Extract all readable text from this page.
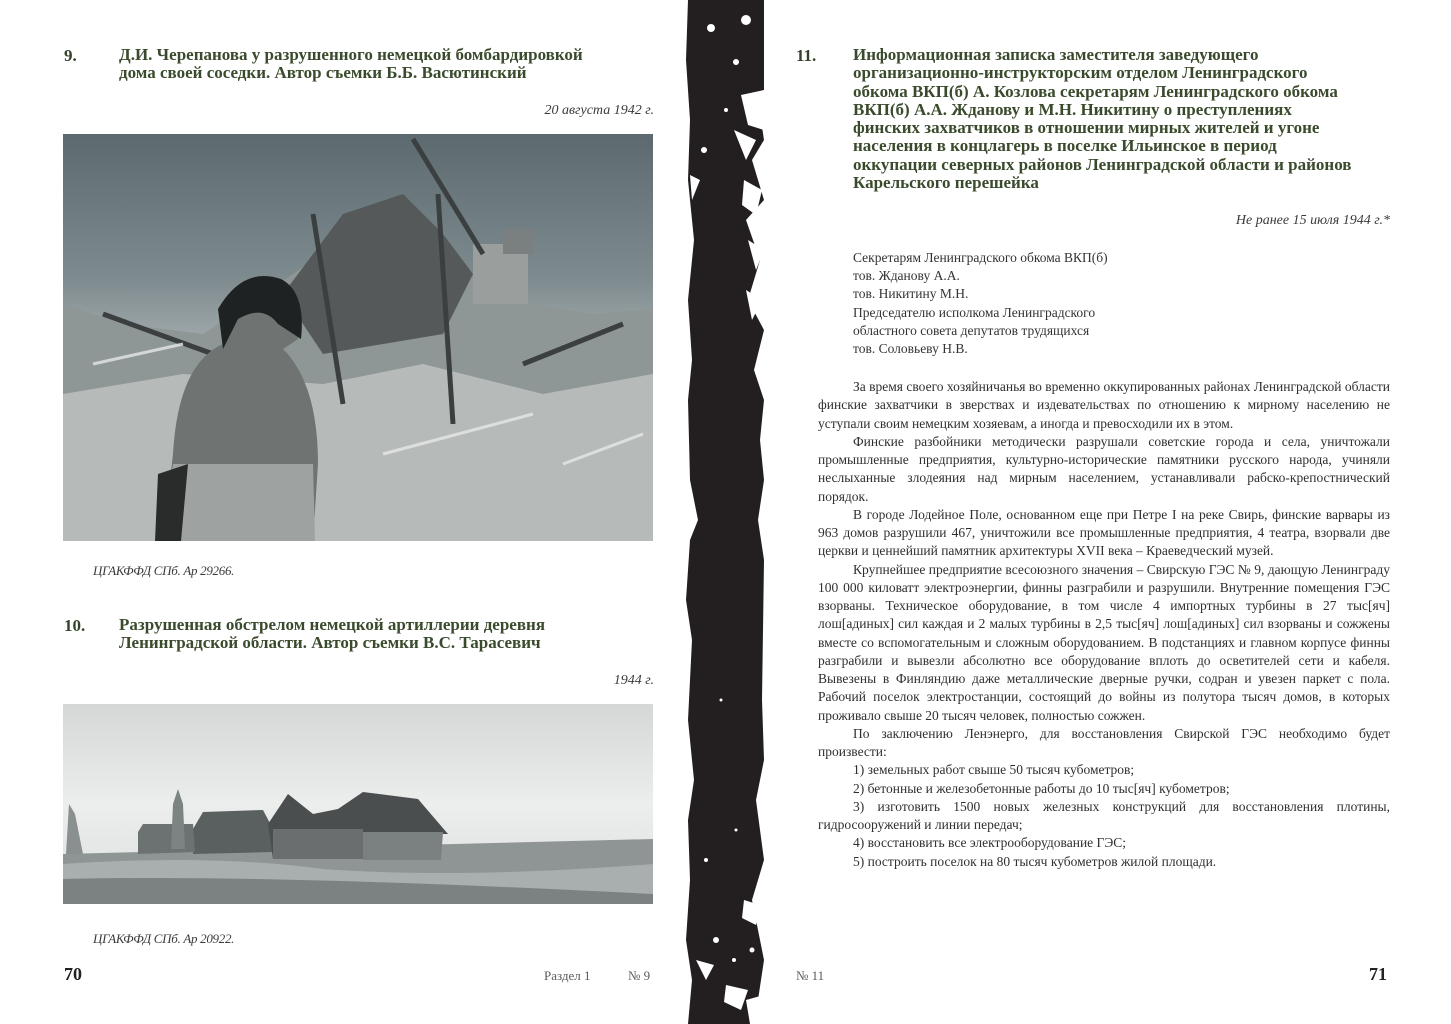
9. Д.И. Черепанова у разрушенного немецкой бомбардировкой
дома своей соседки. Автор съемки Б.Б. Васютинский
20 августа 1942 г.
ЦГАКФФД СПб. Ар 29266.
10. Разрушенная обстрелом немецкой артиллерии деревня
Ленинградской области. Автор съемки В.С. Тарасевич
1944 г.
ЦГАКФФД СПб. Ар 20922.
70	Раздел 1	№ 9
11. Информационная записка заместителя заведующего
организационно-инструкторским отделом Ленинградского
обкома ВКП(б) А. Козлова секретарям Ленинградского обкома
ВКП(б) А.А. Жданову и М.Н. Никитину о преступлениях
финских захватчиков в отношении мирных жителей и угоне
населения в концлагерь в поселке Ильинское в период
оккупации северных районов Ленинградской области и районов
Карельского перешейка
Не ранее 15 июля 1944 г.*
Секретарям Ленинградского обкома ВКП(б)
тов. Жданову А.А.
тов. Никитину М.Н.
Председателю исполкома Ленинградского
областного совета депутатов трудящихся
тов. Соловьеву Н.В.

За время своего хозяйничанья во временно оккупированных районах Ленинградской области финские захватчики в зверствах и издевательствах по отношению к мирному населению не уступали своим немецким хозяевам, а иногда и превосходили их в этом.

Финские разбойники методически разрушали советские города и села, уничтожали промышленные предприятия, культурно-исторические памятники русского народа, учиняли неслыханные злодеяния над мирным населением, устанавливали рабско-крепостнический порядок.

В городе Лодейное Поле, основанном еще при Петре I на реке Свирь, финские варвары из 963 домов разрушили 467, уничтожили все промышленные предприятия, 4 театра, взорвали две церкви и ценнейший памятник архитектуры XVII века – Краеведческий музей.

Крупнейшее предприятие всесоюзного значения – Свирскую ГЭС № 9, дающую Ленинграду 100 000 киловатт электроэнергии, финны разграбили и разрушили. Внутренние помещения ГЭС взорваны. Техническое оборудование, в том числе 4 импортных турбины в 27 тыс[яч] лош[адиных] сил каждая и 2 малых турбины в 2,5 тыс[яч] лош[адиных] сил взорваны и сожжены вместе со вспомогательным и сложным оборудованием. В подстанциях и главном корпусе финны разграбили и вывезли абсолютно все оборудование вплоть до осветителей сети и кабеля. Вывезены в Финляндию даже металлические дверные ручки, содран и увезен паркет с пола. Рабочий поселок электростанции, состоящий до войны из полутора тысяч домов, в которых проживало свыше 20 тысяч человек, полностью сожжен.

По заключению Ленэнерго, для восстановления Свирской ГЭС необходимо будет произвести:

1) земельных работ свыше 50 тысяч кубометров;

2) бетонные и железобетонные работы до 10 тыс[яч] кубометров;

3) изготовить 1500 новых железных конструкций для восстановления плотины, гидросооружений и линии передач;

4) восстановить все электрооборудование ГЭС;

5) построить поселок на 80 тысяч кубометров жилой площади.

№ 11	71
